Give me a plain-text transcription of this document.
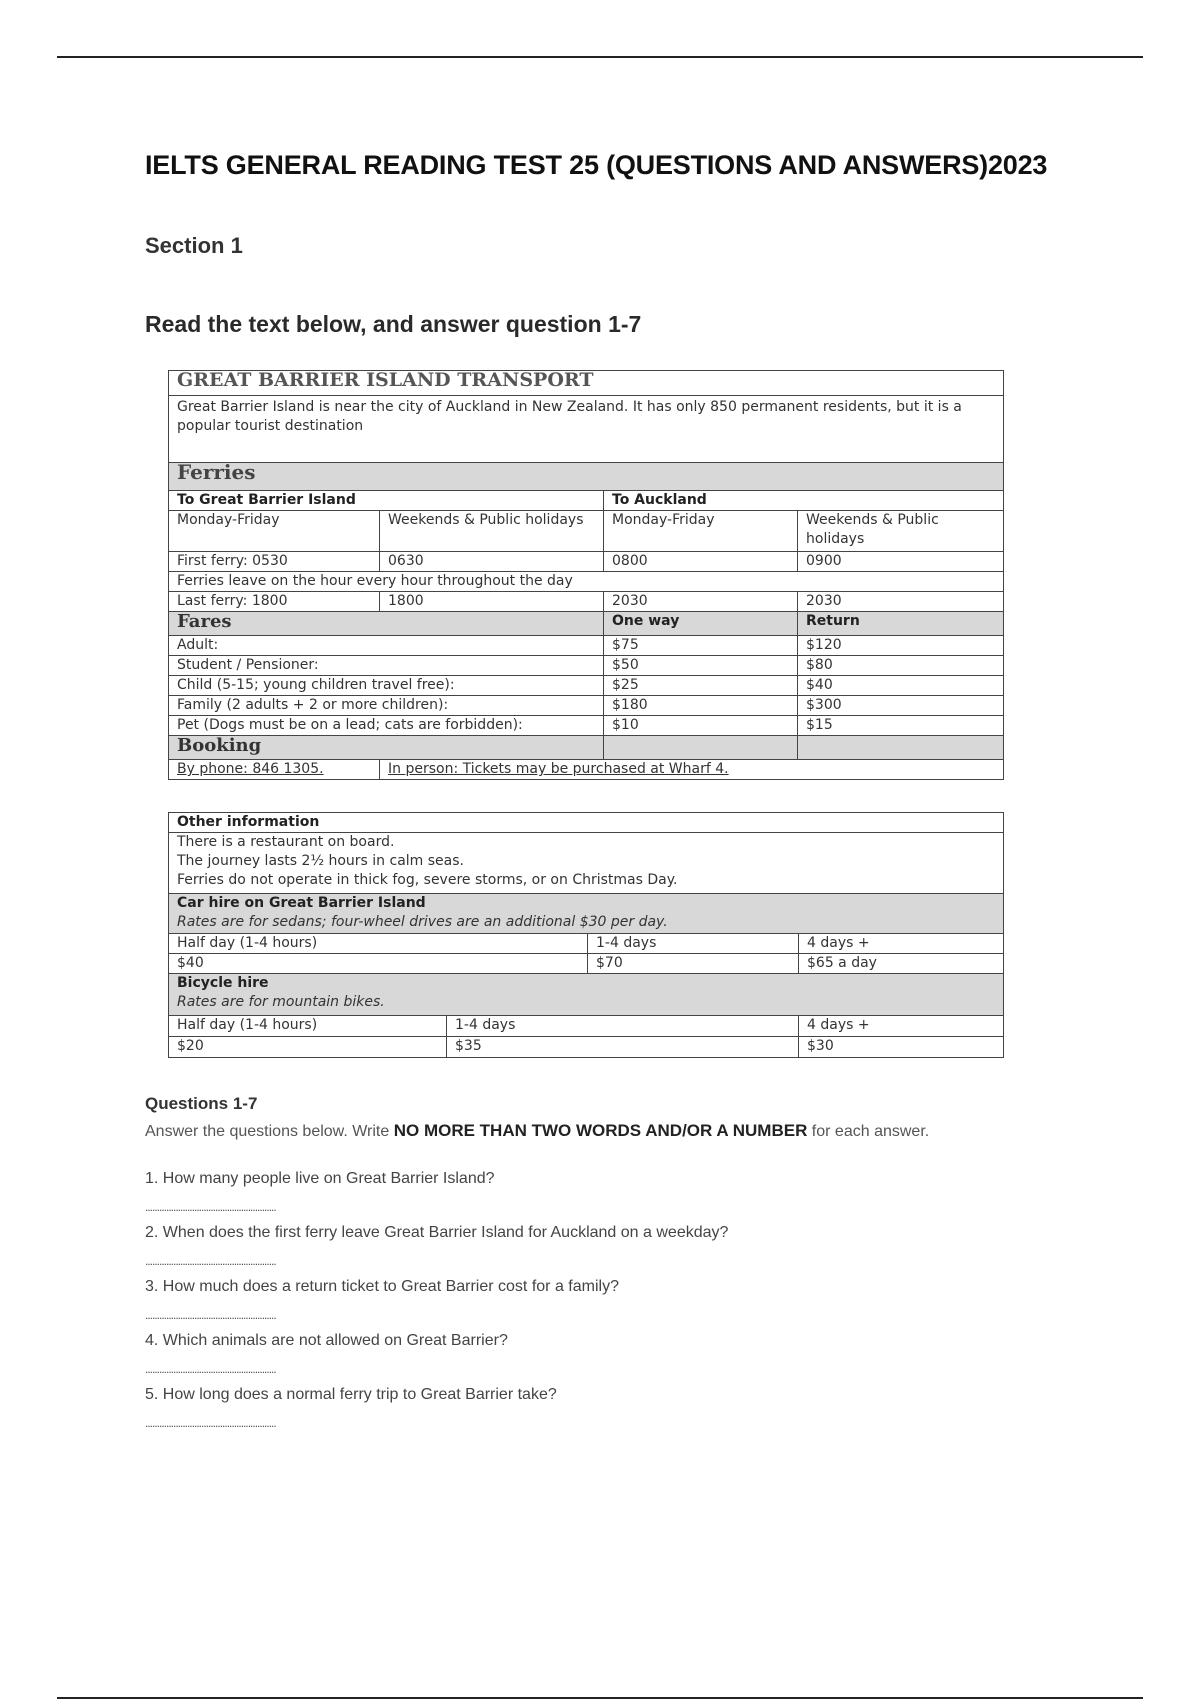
IELTS GENERAL READING TEST 25 (QUESTIONS AND ANSWERS)2023
Section 1
Read the text below, and answer question 1-7
GREAT BARRIER ISLAND TRANSPORT			
Great Barrier Island is near the city of Auckland in New Zealand. It has only 850 permanent residents, but it is a popular tourist destination			
Ferries			
To Great Barrier Island		To Auckland	
Monday-Friday	Weekends & Public holidays	Monday-Friday	Weekends & Public holidays
First ferry: 0530	0630	0800	0900
Ferries leave on the hour every hour throughout the day			
Last ferry: 1800	1800	2030	2030
Fares		One way	Return
Adult:		$75	$120
Student / Pensioner:		$50	$80
Child (5-15; young children travel free):		$25	$40
Family (2 adults + 2 or more children):		$180	$300
Pet (Dogs must be on a lead; cats are forbidden):		$10	$15
Booking			
By phone: 846 1305.	In person: Tickets may be purchased at Wharf 4.		
Other information			

There is a restaurant on board.
The journey lasts 2½ hours in calm seas.
Ferries do not operate in thick fog, severe storms, or on Christmas Day.			

Car hire on Great Barrier Island
Rates are for sedans; four-wheel drives are an additional $30 per day.			

Half day (1-4 hours)		1-4 days	4 days +
$40		$70	$65 a day

Bicycle hire
Rates are for mountain bikes.			

Half day (1-4 hours)	1-4 days		4 days +
$20	$35		$30
Questions 1-7
Answer the questions below. Write NO MORE THAN TWO WORDS AND/OR A NUMBER for each answer.
1. How many people live on Great Barrier Island?
........................................................
2. When does the first ferry leave Great Barrier Island for Auckland on a weekday?
........................................................
3. How much does a return ticket to Great Barrier cost for a family?
........................................................
4. Which animals are not allowed on Great Barrier?
........................................................
5. How long does a normal ferry trip to Great Barrier take?
........................................................
